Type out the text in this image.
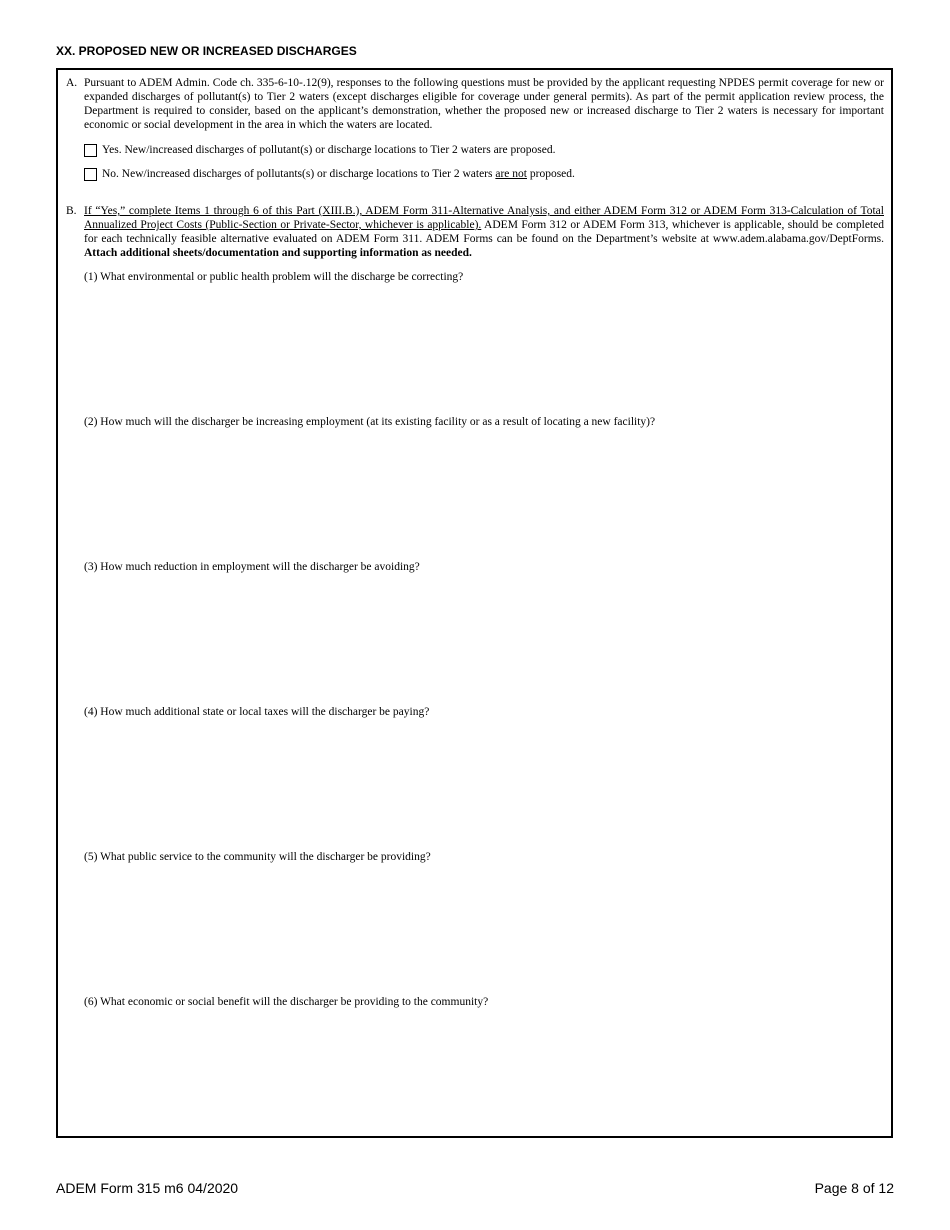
XX. PROPOSED NEW OR INCREASED DISCHARGES
A. Pursuant to ADEM Admin. Code ch. 335-6-10-.12(9), responses to the following questions must be provided by the applicant requesting NPDES permit coverage for new or expanded discharges of pollutant(s) to Tier 2 waters (except discharges eligible for coverage under general permits). As part of the permit application review process, the Department is required to consider, based on the applicant’s demonstration, whether the proposed new or increased discharge to Tier 2 waters is necessary for important economic or social development in the area in which the waters are located.
Yes. New/increased discharges of pollutant(s) or discharge locations to Tier 2 waters are proposed.
No. New/increased discharges of pollutants(s) or discharge locations to Tier 2 waters are not proposed.
B. If “Yes,” complete Items 1 through 6 of this Part (XIII.B.), ADEM Form 311-Alternative Analysis, and either ADEM Form 312 or ADEM Form 313-Calculation of Total Annualized Project Costs (Public-Section or Private-Sector, whichever is applicable). ADEM Form 312 or ADEM Form 313, whichever is applicable, should be completed for each technically feasible alternative evaluated on ADEM Form 311. ADEM Forms can be found on the Department’s website at www.adem.alabama.gov/DeptForms. Attach additional sheets/documentation and supporting information as needed.
(1) What environmental or public health problem will the discharge be correcting?
(2) How much will the discharger be increasing employment (at its existing facility or as a result of locating a new facility)?
(3) How much reduction in employment will the discharger be avoiding?
(4) How much additional state or local taxes will the discharger be paying?
(5) What public service to the community will the discharger be providing?
(6) What economic or social benefit will the discharger be providing to the community?
ADEM Form 315 m6 04/2020	Page 8 of 12
